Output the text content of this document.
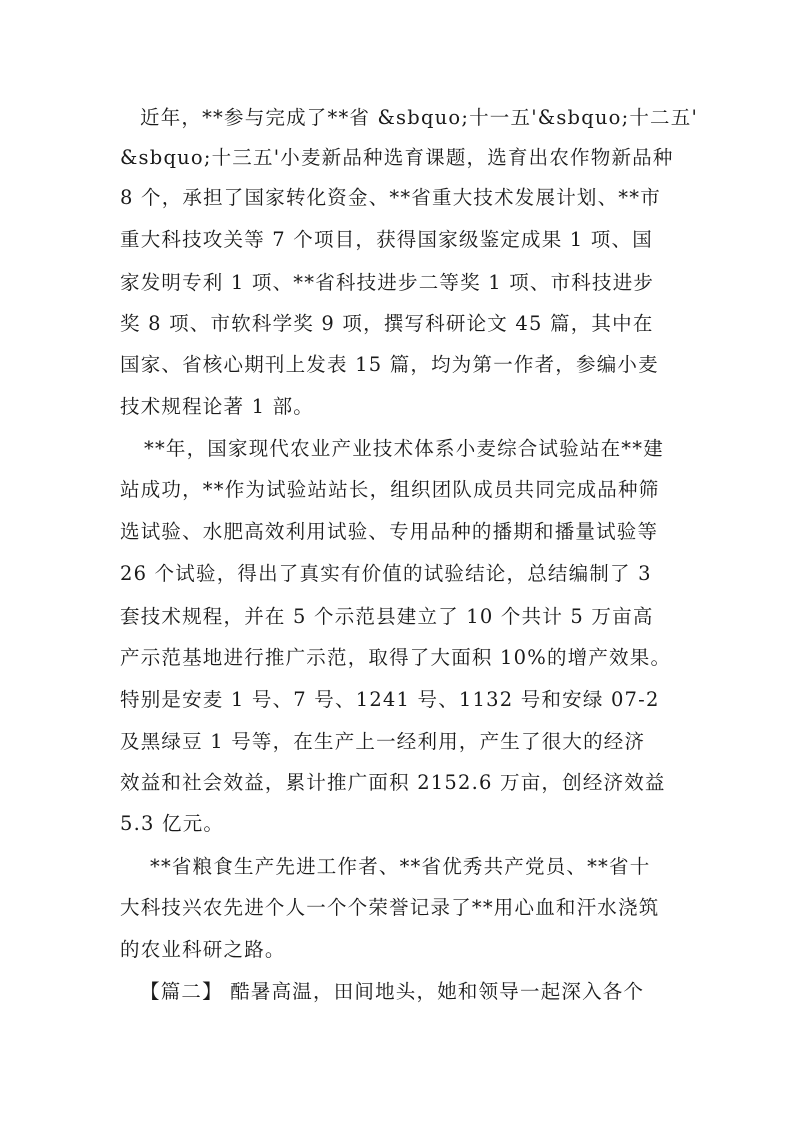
近年，**参与完成了**省 &sbquo;十一五'&sbquo;十二五'
&sbquo;十三五'小麦新品种选育课题，选育出农作物新品种
8 个，承担了国家转化资金、**省重大技术发展计划、**市
重大科技攻关等 7 个项目，获得国家级鉴定成果 1 项、国
家发明专利 1 项、**省科技进步二等奖 1 项、市科技进步
奖 8 项、市软科学奖 9 项，撰写科研论文 45 篇，其中在
国家、省核心期刊上发表 15 篇，均为第一作者，参编小麦
技术规程论著 1 部。
**年，国家现代农业产业技术体系小麦综合试验站在**建
站成功，**作为试验站站长，组织团队成员共同完成品种筛
选试验、水肥高效利用试验、专用品种的播期和播量试验等
26 个试验，得出了真实有价值的试验结论，总结编制了 3
套技术规程，并在 5 个示范县建立了 10 个共计 5 万亩高
产示范基地进行推广示范，取得了大面积 10%的增产效果。
特别是安麦 1 号、7 号、1241 号、1132 号和安绿 07-2
及黑绿豆 1 号等，在生产上一经利用，产生了很大的经济
效益和社会效益，累计推广面积 2152.6 万亩，创经济效益
5.3 亿元。
**省粮食生产先进工作者、**省优秀共产党员、**省十
大科技兴农先进个人一个个荣誉记录了**用心血和汗水浇筑
的农业科研之路。
【篇二】 酷暑高温，田间地头，她和领导一起深入各个
